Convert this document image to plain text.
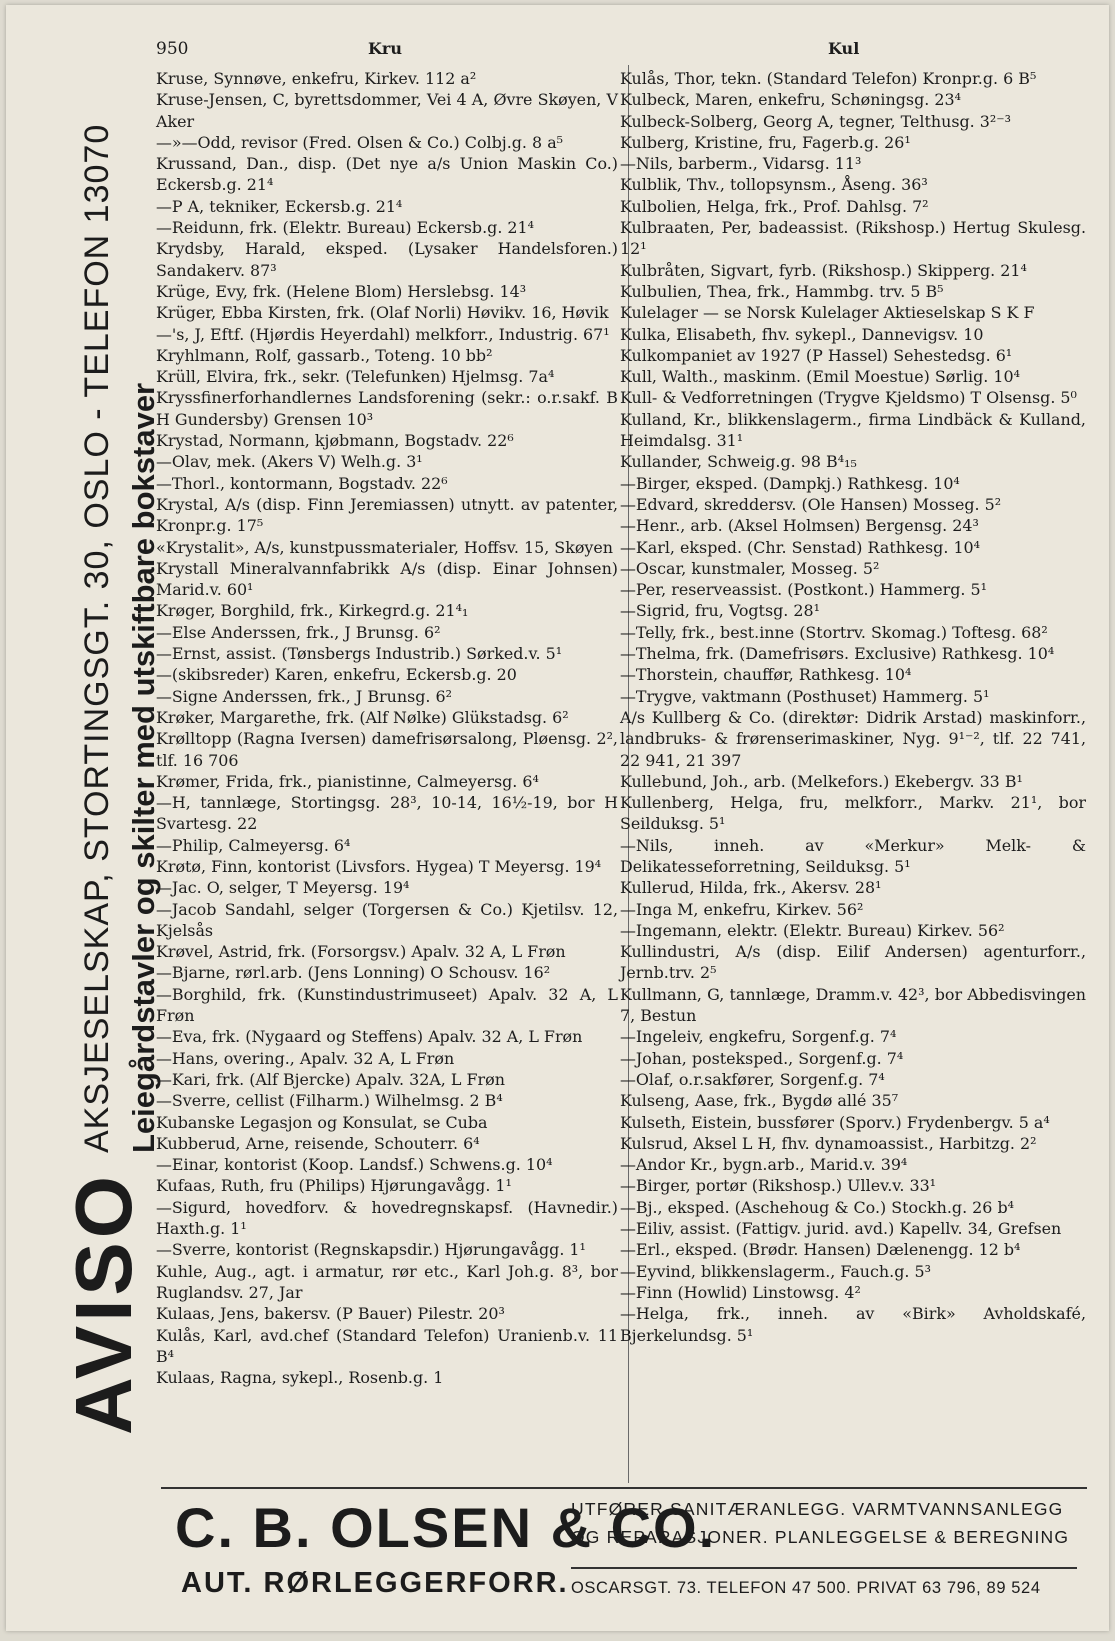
950	Kru	Kul
AVISO
AKSJESELSKAP, STORTINGSGT. 30, OSLO - TELEFON 13070 Leiegårdstavler og skilter med utskiftbare bokstaver
Kruse, Synnøve, enkefru, Kirkev. 112 a²
Kruse-Jensen, C, byrettsdommer, Vei 4 A, Øvre Skøyen, V Aker
—»—Odd, revisor (Fred. Olsen & Co.) Colbj.g. 8 a⁵
Krussand, Dan., disp. (Det nye a/s Union Maskin Co.) Eckersb.g. 21⁴
—P A, tekniker, Eckersb.g. 21⁴
—Reidunn, frk. (Elektr. Bureau) Eckersb.g. 21⁴
Krydsby, Harald, eksped. (Lysaker Handelsforen.) Sandakerv. 87³
Krüge, Evy, frk. (Helene Blom) Herslebsg. 14³
Krüger, Ebba Kirsten, frk. (Olaf Norli) Høvikv. 16, Høvik
—'s, J, Eftf. (Hjørdis Heyerdahl) melkforr., Industrig. 67¹
Kryhlmann, Rolf, gassarb., Toteng. 10 bb²
Krüll, Elvira, frk., sekr. (Telefunken) Hjelmsg. 7a⁴
Kryssfinerforhandlernes Landsforening (sekr.: o.r.sakf. B H Gundersby) Grensen 10³
Krystad, Normann, kjøbmann, Bogstadv. 22⁶
—Olav, mek. (Akers V) Welh.g. 3¹
—Thorl., kontormann, Bogstadv. 22⁶
Krystal, A/s (disp. Finn Jeremiassen) utnytt. av patenter, Kronpr.g. 17⁵
«Krystalit», A/s, kunstpussmaterialer, Hoffsv. 15, Skøyen
Krystall Mineralvannfabrikk A/s (disp. Einar Johnsen) Marid.v. 60¹
Krøger, Borghild, frk., Kirkegrd.g. 21⁴₁
—Else Anderssen, frk., J Brunsg. 6²
—Ernst, assist. (Tønsbergs Industrib.) Sørked.v. 5¹
—(skibsreder) Karen, enkefru, Eckersb.g. 20
—Signe Anderssen, frk., J Brunsg. 6²
Krøker, Margarethe, frk. (Alf Nølke) Glükstadsg. 6²
Krølltopp (Ragna Iversen) damefrisørsalong, Pløensg. 2², tlf. 16 706
Krømer, Frida, frk., pianistinne, Calmeyersg. 6⁴
—H, tannlæge, Stortingsg. 28³, 10-14, 16½-19, bor H Svartesg. 22
—Philip, Calmeyersg. 6⁴
Krøtø, Finn, kontorist (Livsfors. Hygea) T Meyersg. 19⁴
—Jac. O, selger, T Meyersg. 19⁴
—Jacob Sandahl, selger (Torgersen & Co.) Kjetilsv. 12, Kjelsås
Krøvel, Astrid, frk. (Forsorgsv.) Apalv. 32 A, L Frøn
—Bjarne, rørl.arb. (Jens Lonning) O Schousv. 16²
—Borghild, frk. (Kunstindustrimuseet) Apalv. 32 A, L Frøn
—Eva, frk. (Nygaard og Steffens) Apalv. 32 A, L Frøn
—Hans, overing., Apalv. 32 A, L Frøn
—Kari, frk. (Alf Bjercke) Apalv. 32A, L Frøn
—Sverre, cellist (Filharm.) Wilhelmsg. 2 B⁴
Kubanske Legasjon og Konsulat, se Cuba
Kubberud, Arne, reisende, Schouterr. 6⁴
—Einar, kontorist (Koop. Landsf.) Schwens.g. 10⁴
Kufaas, Ruth, fru (Philips) Hjørungavågg. 1¹
—Sigurd, hovedforv. & hovedregnskapsf. (Havnedir.) Haxth.g. 1¹
—Sverre, kontorist (Regnskapsdir.) Hjørungavågg. 1¹
Kuhle, Aug., agt. i armatur, rør etc., Karl Joh.g. 8³, bor Ruglandsv. 27, Jar
Kulaas, Jens, bakersv. (P Bauer) Pilestr. 20³
Kulås, Karl, avd.chef (Standard Telefon) Uranienb.v. 11 B⁴
Kulaas, Ragna, sykepl., Rosenb.g. 1
Kulås, Thor, tekn. (Standard Telefon) Kronpr.g. 6 B⁵
Kulbeck, Maren, enkefru, Schøningsg. 23⁴
Kulbeck-Solberg, Georg A, tegner, Telthusg. 3²⁻³
Kulberg, Kristine, fru, Fagerb.g. 26¹
—Nils, barberm., Vidarsg. 11³
Kulblik, Thv., tollopsynsm., Åseng. 36³
Kulbolien, Helga, frk., Prof. Dahlsg. 7²
Kulbraaten, Per, badeassist. (Rikshosp.) Hertug Skulesg. 12¹
Kulbråten, Sigvart, fyrb. (Rikshosp.) Skipperg. 21⁴
Kulbulien, Thea, frk., Hammbg. trv. 5 B⁵
Kulelager — se Norsk Kulelager Aktieselskap S K F
Kulka, Elisabeth, fhv. sykepl., Dannevigsv. 10
Kulkompaniet av 1927 (P Hassel) Sehestedsg. 6¹
Kull, Walth., maskinm. (Emil Moestue) Sørlig. 10⁴
Kull- & Vedforretningen (Trygve Kjeldsmo) T Olsensg. 5⁰
Kulland, Kr., blikkenslagerm., firma Lindbäck & Kulland, Heimdalsg. 31¹
Kullander, Schweig.g. 98 B⁴₁₅
—Birger, eksped. (Dampkj.) Rathkesg. 10⁴
—Edvard, skreddersv. (Ole Hansen) Mosseg. 5²
—Henr., arb. (Aksel Holmsen) Bergensg. 24³
—Karl, eksped. (Chr. Senstad) Rathkesg. 10⁴
—Oscar, kunstmaler, Mosseg. 5²
—Per, reserveassist. (Postkont.) Hammerg. 5¹
—Sigrid, fru, Vogtsg. 28¹
—Telly, frk., best.inne (Stortrv. Skomag.) Toftesg. 68²
—Thelma, frk. (Damefrisørs. Exclusive) Rathkesg. 10⁴
—Thorstein, chauffør, Rathkesg. 10⁴
—Trygve, vaktmann (Posthuset) Hammerg. 5¹
A/s Kullberg & Co. (direktør: Didrik Arstad) maskinforr., landbruks- & frørenserimaskiner, Nyg. 9¹⁻², tlf. 22 741, 22 941, 21 397
Kullebund, Joh., arb. (Melkefors.) Ekebergv. 33 B¹
Kullenberg, Helga, fru, melkforr., Markv. 21¹, bor Seilduksg. 5¹
—Nils, inneh. av «Merkur» Melk- & Delikatesseforretning, Seilduksg. 5¹
Kullerud, Hilda, frk., Akersv. 28¹
—Inga M, enkefru, Kirkev. 56²
—Ingemann, elektr. (Elektr. Bureau) Kirkev. 56²
Kullindustri, A/s (disp. Eilif Andersen) agenturforr., Jernb.trv. 2⁵
Kullmann, G, tannlæge, Dramm.v. 42³, bor Abbedisvingen 7, Bestun
—Ingeleiv, engkefru, Sorgenf.g. 7⁴
—Johan, posteksped., Sorgenf.g. 7⁴
—Olaf, o.r.sakfører, Sorgenf.g. 7⁴
Kulseng, Aase, frk., Bygdø allé 35⁷
Kulseth, Eistein, bussfører (Sporv.) Frydenbergv. 5 a⁴
Kulsrud, Aksel L H, fhv. dynamoassist., Harbitzg. 2²
—Andor Kr., bygn.arb., Marid.v. 39⁴
—Birger, portør (Rikshosp.) Ullev.v. 33¹
—Bj., eksped. (Aschehoug & Co.) Stockh.g. 26 b⁴
—Eiliv, assist. (Fattigv. jurid. avd.) Kapellv. 34, Grefsen
—Erl., eksped. (Brødr. Hansen) Dælenengg. 12 b⁴
—Eyvind, blikkenslagerm., Fauch.g. 5³
—Finn (Howlid) Linstowsg. 4²
—Helga, frk., inneh. av «Birk» Avholdskafé, Bjerkelundsg. 5¹
C. B. OLSEN & CO.
AUT. RØRLEGGERFORR.
UTFØRER SANITÆRANLEGG. VARMTVANNSANLEGG
OG REPARASJONER. PLANLEGGELSE & BEREGNING
OSCARSGT. 73. TELEFON 47 500. PRIVAT 63 796, 89 524
